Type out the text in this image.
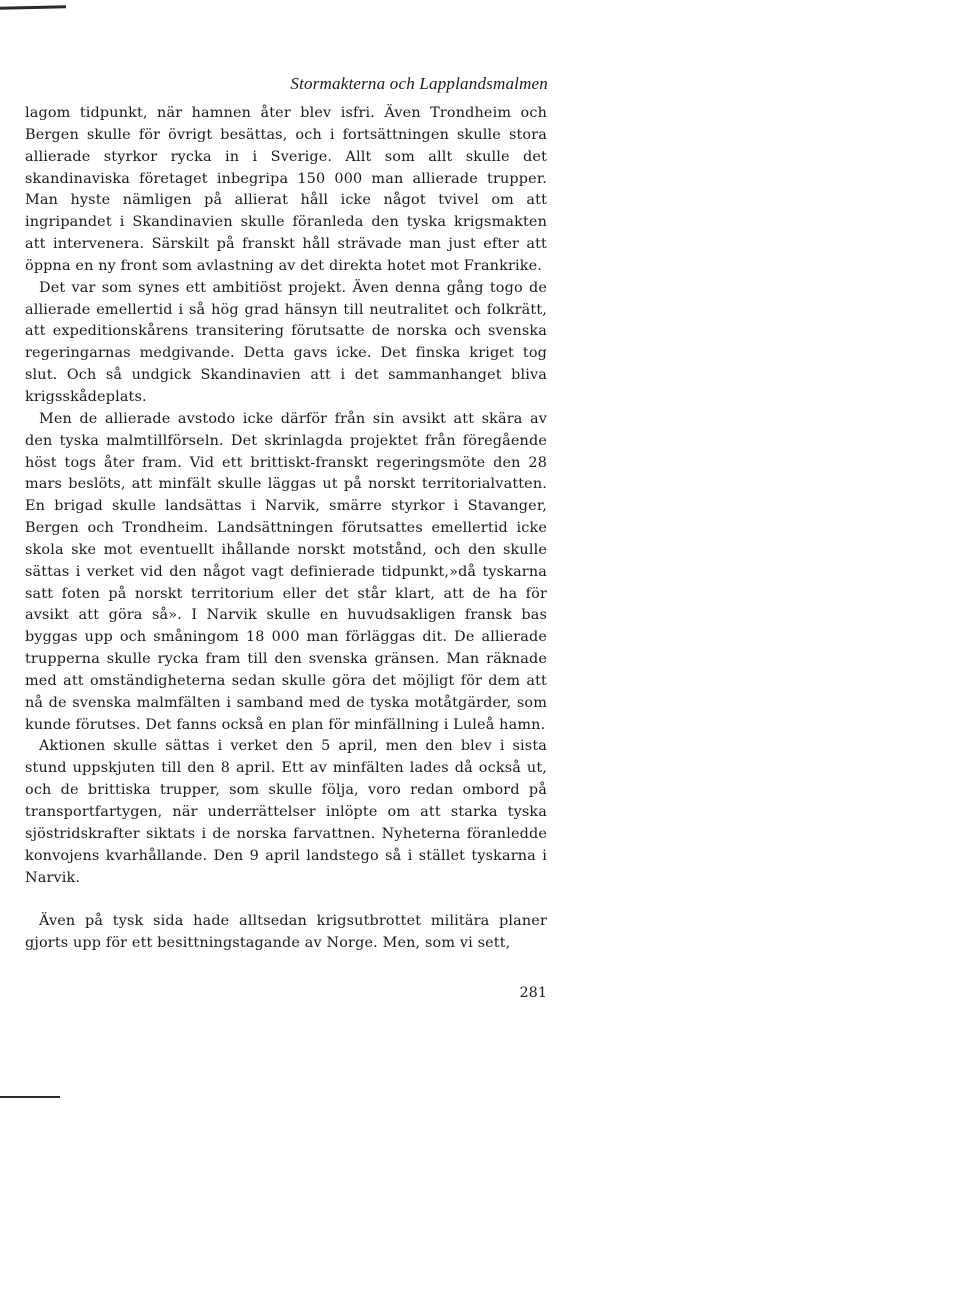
Stormakterna och Lapplandsmalmen

lagom tidpunkt, när hamnen åter blev isfri. Även Trondheim och Bergen skulle för övrigt besättas, och i fortsättningen skulle stora allierade styrkor rycka in i Sverige. Allt som allt skulle det skandinaviska företaget inbegripa 150 000 man allierade trupper. Man hyste nämligen på allierat håll icke något tvivel om att ingripandet i Skandinavien skulle föranleda den tyska krigsmakten att intervenera. Särskilt på franskt håll strävade man just efter att öppna en ny front som avlastning av det direkta hotet mot Frankrike.

Det var som synes ett ambitiöst projekt. Även denna gång togo de allierade emellertid i så hög grad hänsyn till neutralitet och folkrätt, att expeditionskårens transitering förutsatte de norska och svenska regeringarnas medgivande. Detta gavs icke. Det finska kriget tog slut. Och så undgick Skandinavien att i det sammanhanget bliva krigsskådeplats.

Men de allierade avstodo icke därför från sin avsikt att skära av den tyska malmtillförseln. Det skrinlagda projektet från föregående höst togs åter fram. Vid ett brittiskt-franskt regeringsmöte den 28 mars beslöts, att minfält skulle läggas ut på norskt territorialvatten. En brigad skulle landsättas i Narvik, smärre styrkor i Stavanger, Bergen och Trondheim. Landsättningen förutsattes emellertid icke skola ske mot eventuellt ihållande norskt motstånd, och den skulle sättas i verket vid den något vagt definierade tidpunkt,»då tyskarna satt foten på norskt territorium eller det står klart, att de ha för avsikt att göra så». I Narvik skulle en huvudsakligen fransk bas byggas upp och småningom 18 000 man förläggas dit. De allierade trupperna skulle rycka fram till den svenska gränsen. Man räknade med att omständigheterna sedan skulle göra det möjligt för dem att nå de svenska malmfälten i samband med de tyska motåtgärder, som kunde förutses. Det fanns också en plan för minfällning i Luleå hamn.

Aktionen skulle sättas i verket den 5 april, men den blev i sista stund uppskjuten till den 8 april. Ett av minfälten lades då också ut, och de brittiska trupper, som skulle följa, voro redan ombord på transportfartygen, när underrättelser inlöpte om att starka tyska sjöstridskrafter siktats i de norska farvattnen. Nyheterna föranledde konvojens kvarhållande. Den 9 april landstego så i stället tyskarna i Narvik.

Även på tysk sida hade alltsedan krigsutbrottet militära planer gjorts upp för ett besittningstagande av Norge. Men, som vi sett,

281
